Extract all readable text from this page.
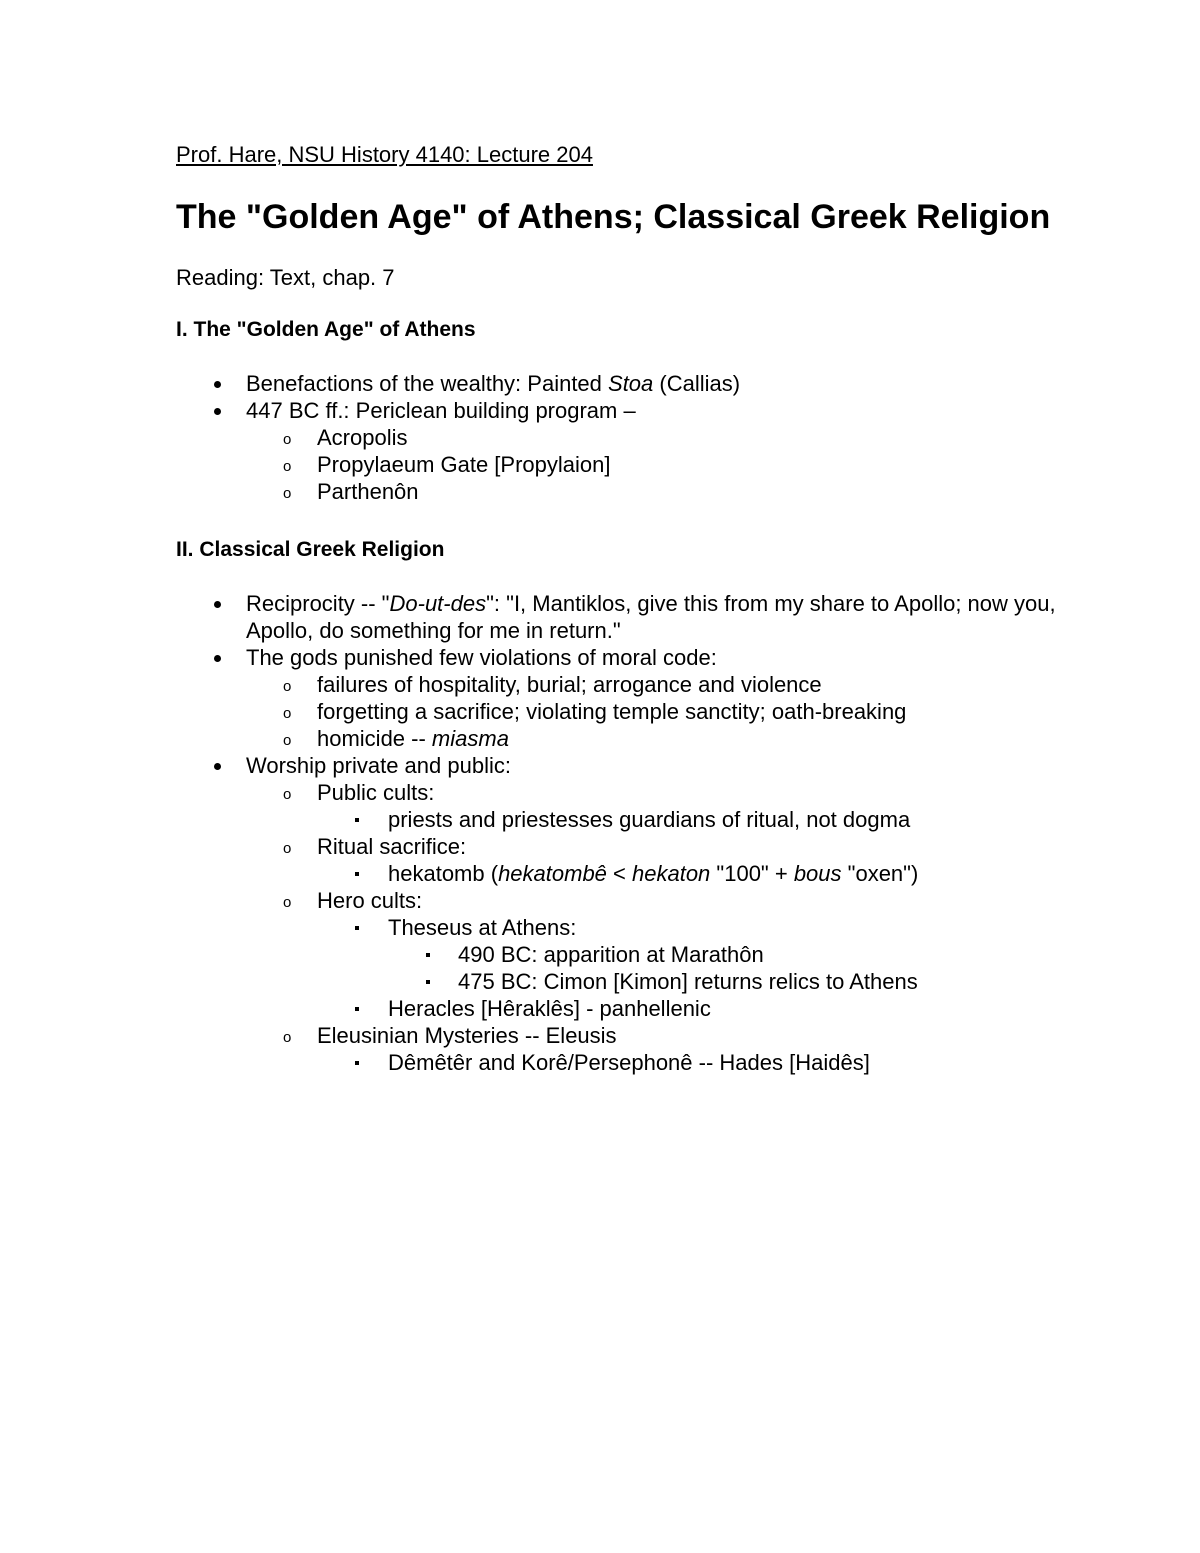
Prof. Hare, NSU History 4140: Lecture 204

The "Golden Age" of Athens; Classical Greek Religion

Reading: Text, chap. 7

I. The "Golden Age" of Athens
Benefactions of the wealthy: Painted Stoa (Callias)
447 BC ff.: Periclean building program –
o Acropolis
o Propylaeum Gate [Propylaion]
o Parthenôn
II. Classical Greek Religion
Reciprocity -- "Do-ut-des": "I, Mantiklos, give this from my share to Apollo; now you, Apollo, do something for me in return."
The gods punished few violations of moral code:
o failures of hospitality, burial; arrogance and violence
o forgetting a sacrifice; violating temple sanctity; oath-breaking
o homicide -- miasma
Worship private and public:
o Public cults:
priests and priestesses guardians of ritual, not dogma
o Ritual sacrifice:
hekatomb (hekatombê < hekaton "100" + bous "oxen")
o Hero cults:
Theseus at Athens:
490 BC: apparition at Marathôn
475 BC: Cimon [Kimon] returns relics to Athens
Heracles [Hêraklês] - panhellenic
o Eleusinian Mysteries -- Eleusis
Dêmêtêr and Korê/Persephonê -- Hades [Haidês]
